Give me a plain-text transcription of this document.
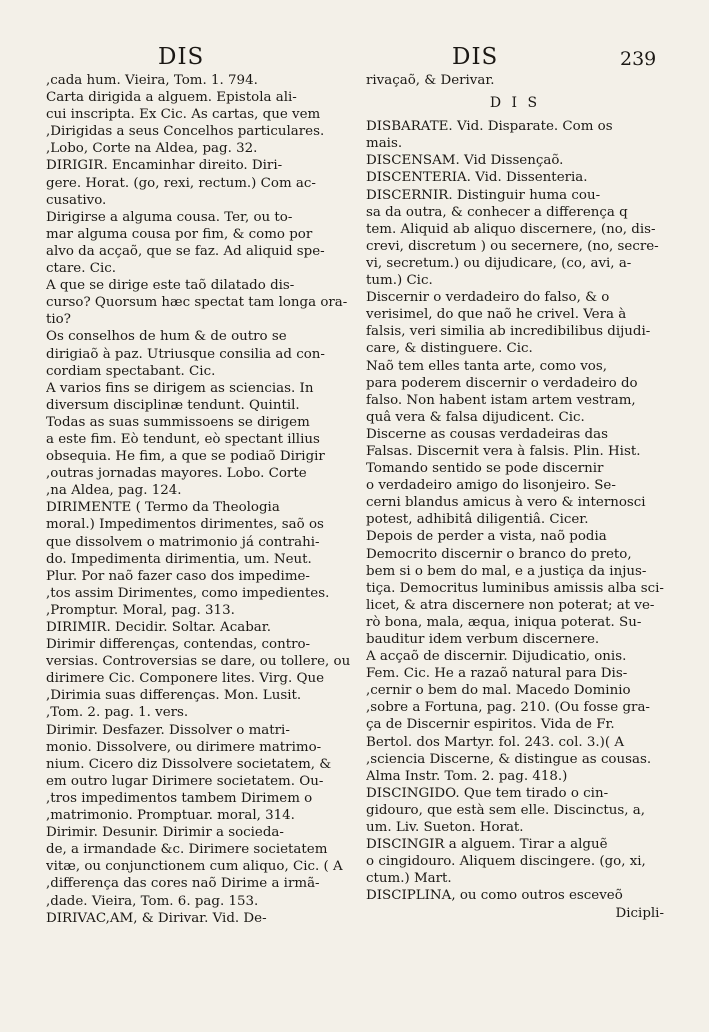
DIS	DIS	239
,cada hum. Vieira, Tom. 1. 794.
Carta dirigida a alguem. Epistola ali-
cui inscripta. Ex Cic. As cartas, que vem
,Dirigidas a seus Concelhos particulares.
,Lobo, Corte na Aldea, pag. 32.
DIRIGIR. Encaminhar direito. Diri-
gere. Horat. (go, rexi, rectum.) Com ac-
cusativo.
Dirigirse a alguma cousa. Ter, ou to-
mar alguma cousa por fim, & como por
alvo da acçaõ, que se faz. Ad aliquid spe-
ctare. Cic.
A que se dirige este taõ dilatado dis-
curso? Quorsum hæc spectat tam longa ora-
tio?
Os conselhos de hum & de outro se
dirigiaõ à paz. Utriusque consilia ad con-
cordiam spectabant. Cic.
A varios fins se dirigem as sciencias. In
diversum disciplinæ tendunt. Quintil.
Todas as suas summissoens se dirigem
a este fim. Eò tendunt, eò spectant illius
obsequia. He fim, a que se podiaõ Dirigir
,outras jornadas mayores. Lobo. Corte
,na Aldea, pag. 124.
DIRIMENTE ( Termo da Theologia
moral.) Impedimentos dirimentes, saõ os
que dissolvem o matrimonio já contrahi-
do. Impedimenta dirimentia, um. Neut.
Plur. Por naõ fazer caso dos impedime-
,tos assim Dirimentes, como impedientes.
,Promptur. Moral, pag. 313.
DIRIMIR. Decidir. Soltar. Acabar.
Dirimir differenças, contendas, contro-
versias. Controversias se dare, ou tollere, ou
dirimere Cic. Componere lites. Virg. Que
,Dirimia suas differenças. Mon. Lusit.
,Tom. 2. pag. 1. vers.
Dirimir. Desfazer. Dissolver o matri-
monio. Dissolvere, ou dirimere matrimo-
nium. Cicero diz Dissolvere societatem, &
em outro lugar Dirimere societatem. Ou-
,tros impedimentos tambem Dirimem o
,matrimonio. Promptuar. moral, 314.
Dirimir. Desunir. Dirimir a socieda-
de, a irmandade &c. Dirimere societatem
vitæ, ou conjunctionem cum aliquo, Cic. ( A
,differença das cores naõ Dirime a irmã-
,dade. Vieira, Tom. 6. pag. 153.
DIRIVAC,AM, & Dirivar. Vid. De-
rivaçaõ, & Derivar.
D I S
DISBARATE. Vid. Disparate. Com os
mais.
DISCENSAM. Vid Dissençaõ.
DISCENTERIA. Vid. Dissenteria.
DISCERNIR. Distinguir huma cou-
sa da outra, & conhecer a differença q
tem. Aliquid ab aliquo discernere, (no, dis-
crevi, discretum ) ou secernere, (no, secre-
vi, secretum.) ou dijudicare, (co, avi, a-
tum.) Cic.
Discernir o verdadeiro do falso, & o
verisimel, do que naõ he crivel. Vera à
falsis, veri similia ab incredibilibus dijudi-
care, & distinguere. Cic.
Naõ tem elles tanta arte, como vos,
para poderem discernir o verdadeiro do
falso. Non habent istam artem vestram,
quâ vera & falsa dijudicent. Cic.
Discerne as cousas verdadeiras das
Falsas. Discernit vera à falsis. Plin. Hist.
Tomando sentido se pode discernir
o verdadeiro amigo do lisonjeiro. Se-
cerni blandus amicus à vero & internosci
potest, adhibitâ diligentiâ. Cicer.
Depois de perder a vista, naõ podia
Democrito discernir o branco do preto,
bem si o bem do mal, e a justiça da injus-
tiça. Democritus luminibus amissis alba sci-
licet, & atra discernere non poterat; at ve-
rò bona, mala, æqua, iniqua poterat. Su-
bauditur idem verbum discernere.
A acçaõ de discernir. Dijudicatio, onis.
Fem. Cic. He a razaõ natural para Dis-
,cernir o bem do mal. Macedo Dominio
,sobre a Fortuna, pag. 210. (Ou fosse gra-
ça de Discernir espiritos. Vida de Fr.
Bertol. dos Martyr. fol. 243. col. 3.)( A
,sciencia Discerne, & distingue as cousas.
Alma Instr. Tom. 2. pag. 418.)
DISCINGIDO. Que tem tirado o cin-
gidouro, que està sem elle. Discinctus, a,
um. Liv. Sueton. Horat.
DISCINGIR a alguem. Tirar a alguẽ
o cingidouro. Aliquem discingere. (go, xi,
ctum.) Mart.
DISCIPLINA, ou como outros esceveõ
Dicipli-
